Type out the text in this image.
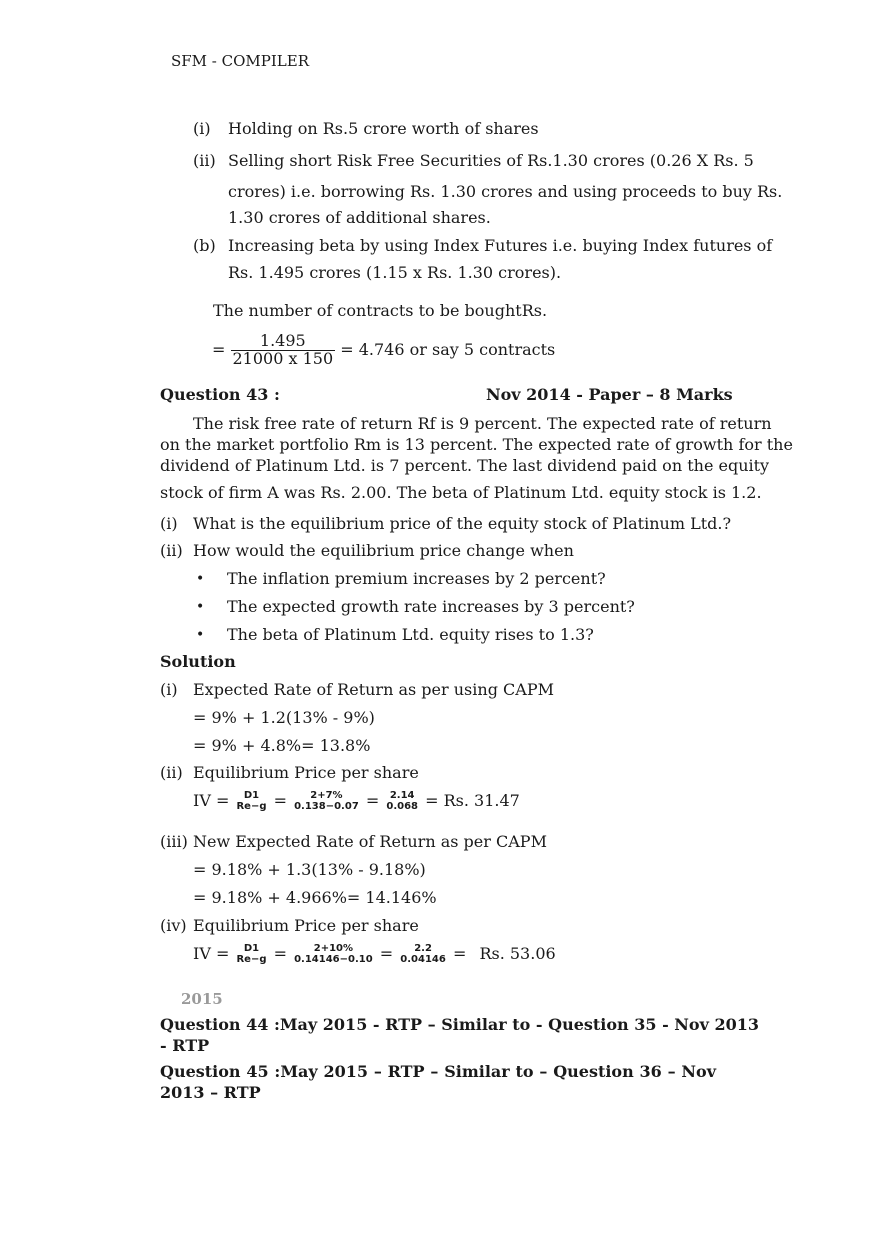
SFM - COMPILER
(i) Holding on Rs.5 crore worth of shares
(ii) Selling short Risk Free Securities of Rs.1.30 crores (0.26 X Rs. 5
crores) i.e. borrowing Rs. 1.30 crores and using proceeds to buy Rs.
1.30 crores of additional shares.
(b) Increasing beta by using Index Futures i.e. buying Index futures of
Rs. 1.495 crores (1.15 x Rs. 1.30 crores).
The number of contracts to be boughtRs.
= $\frac{1.495}{21000 x 150} = 4.746$ or say 5 contracts
Question 43 :	Nov 2014 - Paper – 8 Marks
The risk free rate of return Rf is 9 percent. The expected rate of return
on the market portfolio Rm is 13 percent. The expected rate of growth for the
dividend of Platinum Ltd. is 7 percent. The last dividend paid on the equity
stock of firm A was Rs. 2.00. The beta of Platinum Ltd. equity stock is 1.2.
(i) What is the equilibrium price of the equity stock of Platinum Ltd.?
(ii) How would the equilibrium price change when
• The inflation premium increases by 2 percent?
• The expected growth rate increases by 3 percent?
• The beta of Platinum Ltd. equity rises to 1.3?
Solution
(i) Expected Rate of Return as per using CAPM
= 9% + 1.2(13% - 9%)
= 9% + 4.8%= 13.8%
(ii) Equilibrium Price per share
IV = D1
Re−g = 2+7%
0.138−0.07 = 2.14
0.068 = Rs. 31.47
(iii) New Expected Rate of Return as per CAPM
= 9.18% + 1.3(13% - 9.18%)
= 9.18% + 4.966%= 14.146%
(iv) Equilibrium Price per share
IV = D1
Re−g =	2+10%
0.14146−0.10 = 2.2
0.04146 = Rs. 53.06
2015
Question 44 :May 2015 - RTP – Similar to - Question 35 - Nov 2013
- RTP
Question 45 :May 2015 – RTP – Similar to – Question 36 – Nov
2013 – RTP
